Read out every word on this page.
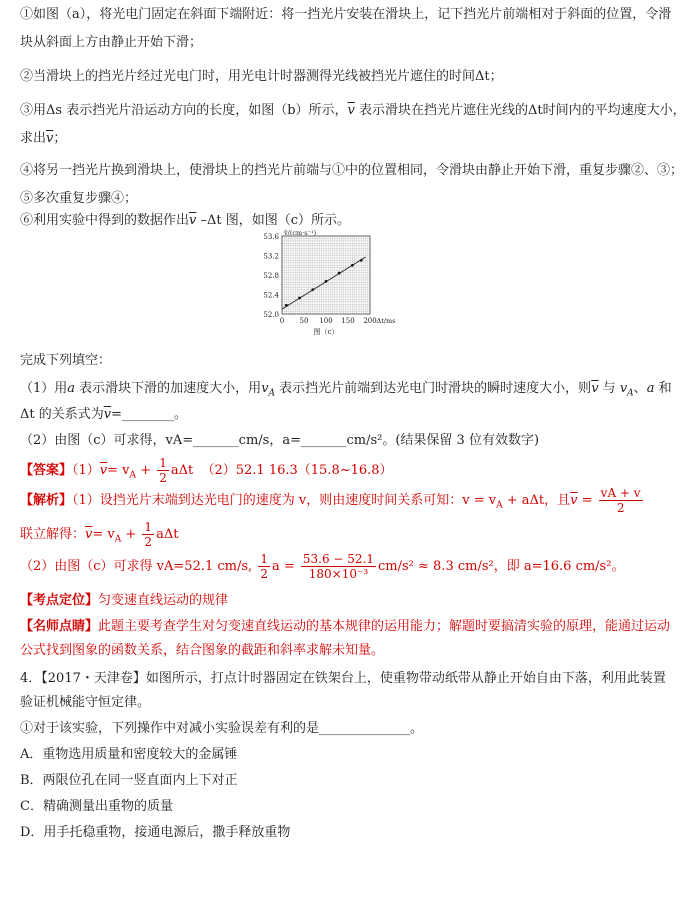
①如图（a），将光电门固定在斜面下端附近：将一挡光片安装在滑块上，记下挡光片前端相对于斜面的位置，令滑
块从斜面上方由静止开始下滑；
②当滑块上的挡光片经过光电门时，用光电计时器测得光线被挡光片遮住的时间Δt；
③用Δs 表示挡光片沿运动方向的长度，如图（b）所示，$\overline{v}$ 表示滑块在挡光片遮住光线的Δt时间内的平均速度大小，
求出$\overline{v}$；
④将另一挡光片换到滑块上，使滑块上的挡光片前端与①中的位置相同，令滑块由静止开始下滑，重复步骤②、③；
⑤多次重复步骤④；
⑥利用实验中得到的数据作出$\overline{v}$ –Δt 图，如图（c）所示。
52.0
52.4
52.8
53.2
53.6
0 50 100 150 200
v̄/(cm·s⁻¹)
Δt/ms
图（c）
完成下列填空：
（1）用a 表示滑块下滑的加速度大小，用$v_A$ 表示挡光片前端到达光电门时滑块的瞬时速度大小，则$\overline{v}$ 与 $v_A$、a 和
Δt 的关系式为$\overline{v}=\_\_\_\_\_\_\_\_$。
（2）由图（c）可求得，vA=_______cm/s，a=_______cm/s²。(结果保留 3 位有效数字)
【答案】$(1)\overline{v}= v_A + \frac{1}{2}$ aΔt （2）52.1 16.3（15.8~16.8）
【解析】（1）设挡光片末端到达光电门的速度为 v，则由速度时间关系可知：$v = v_A + a\Delta t$，且$\overline{v} = \frac{vA + v}{2}$
联立解得：$\overline{v}= v_A + \frac{1}{2}$ aΔt
（2）由图（c）可求得 vA=52.1 cm/s, $\frac{1}{2}$ $a = \frac{53.6 - 52.1}{\text{180×10⁻³}} cm/s^2 \approx 8.3$ cm/s²，即 a=16.6 cm/s²。
【考点定位】匀变速直线运动的规律
【名师点睛】此题主要考查学生对匀变速直线运动的基本规律的运用能力；解题时要搞清实验的原理，能通过运动
公式找到图象的函数关系，结合图象的截距和斜率求解未知量。
4．【2017・天津卷】如图所示，打点计时器固定在铁架台上，使重物带动纸带从静止开始自由下落，利用此装置
验证机械能守恒定律。
①对于该实验，下列操作中对减小实验误差有利的是______________。
A．重物选用质量和密度较大的金属锤
B．两限位孔在同一竖直面内上下对正
C．精确测量出重物的质量
D．用手托稳重物，接通电源后，撒手释放重物
